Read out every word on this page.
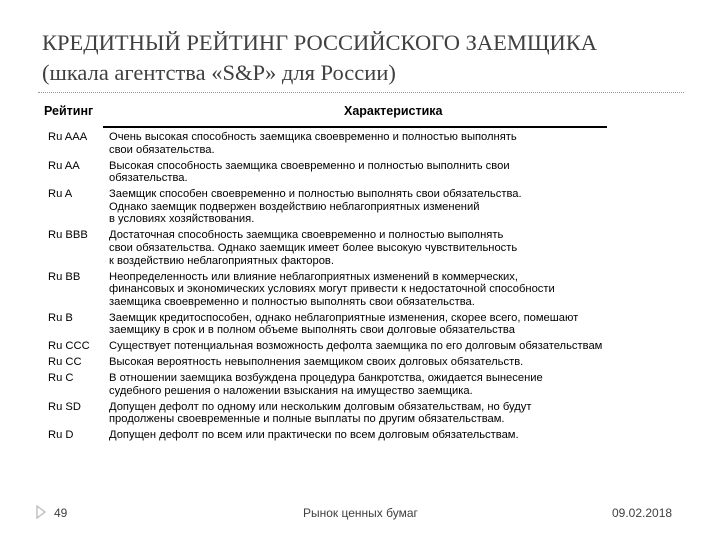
КРЕДИТНЫЙ РЕЙТИНГ РОССИЙСКОГО ЗАЕМЩИКА
(шкала агентства «S&P» для России)
Рейтинг	Характеристика
Ru AAA	Очень высокая способность заемщика своевременно и полностью выполнять
свои обязательства.
Ru AA	Высокая способность заемщика своевременно и полностью выполнить свои
обязательства.
Ru A	Заемщик способен своевременно и полностью выполнять свои обязательства.
Однако заемщик подвержен воздействию неблагоприятных изменений
в условиях хозяйствования.
Ru BBB	Достаточная способность заемщика своевременно и полностью выполнять
свои обязательства. Однако заемщик имеет более высокую чувствительность
к воздействию неблагоприятных факторов.
Ru BB	Неопределенность или влияние неблагоприятных изменений в коммерческих,
финансовых и экономических условиях могут привести к недостаточной способности
заемщика своевременно и полностью выполнять свои обязательства.
Ru B	Заемщик кредитоспособен, однако неблагоприятные изменения, скорее всего, помешают
заемщику в срок и в полном объеме выполнять свои долговые обязательства
Ru CCC	Существует потенциальная возможность дефолта заемщика по его долговым обязательствам
Ru CC	Высокая вероятность невыполнения заемщиком своих долговых обязательств.
Ru C	В отношении заемщика возбуждена процедура банкротства, ожидается вынесение
судебного решения о наложении взыскания на имущество заемщика.
Ru SD	Допущен дефолт по одному или нескольким долговым обязательствам, но будут
продолжены своевременные и полные выплаты по другим обязательствам.
Ru D	Допущен дефолт по всем или практически по всем долговым обязательствам.
49	Рынок ценных бумаг	09.02.2018
